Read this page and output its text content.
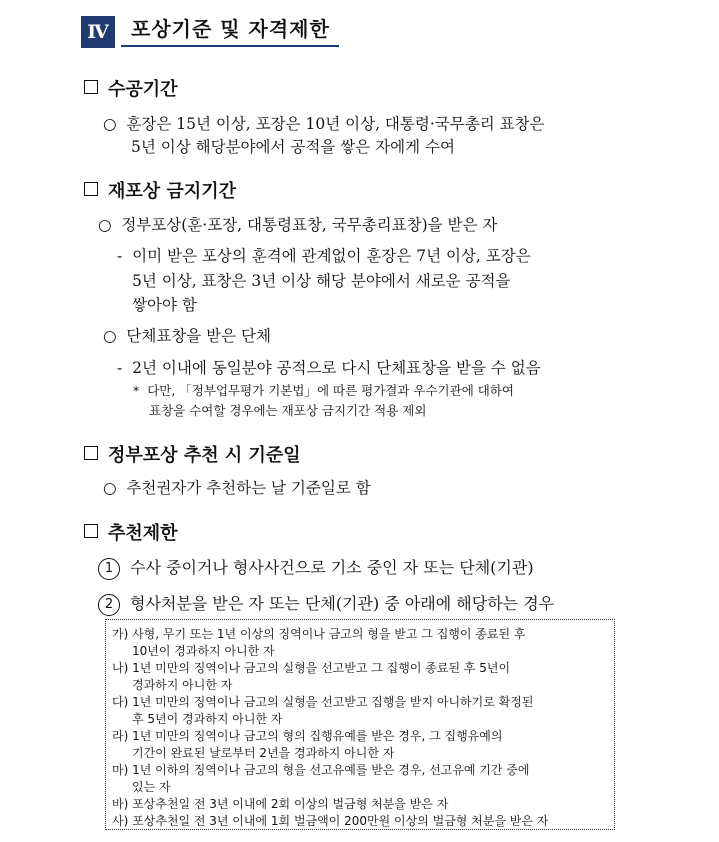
Ⅳ	포상기준 및 자격제한
수공기간
○ 훈장은 15년 이상, 포장은 10년 이상, 대통령·국무총리 표창은
5년 이상 해당분야에서 공적을 쌓은 자에게 수여
재포상 금지기간
○ 정부포상(훈·포장, 대통령표창, 국무총리표창)을 받은 자
- 이미 받은 포상의 훈격에 관계없이 훈장은 7년 이상, 포장은
5년 이상, 표창은 3년 이상 해당 분야에서 새로운 공적을
쌓아야 함
○ 단체표창을 받은 단체
- 2년 이내에 동일분야 공적으로 다시 단체표창을 받을 수 없음
* 다만, 「정부업무평가 기본법」에 따른 평가결과 우수기관에 대하여
표창을 수여할 경우에는 재포상 금지기간 적용 제외
정부포상 추천 시 기준일
○ 추천권자가 추천하는 날 기준일로 함
추천제한
1 수사 중이거나 형사사건으로 기소 중인 자 또는 단체(기관)
2 형사처분을 받은 자 또는 단체(기관) 중 아래에 해당하는 경우
가) 사형, 무기 또는 1년 이상의 징역이나 금고의 형을 받고 그 집행이 종료된 후
10년이 경과하지 아니한 자
나) 1년 미만의 징역이나 금고의 실형을 선고받고 그 집행이 종료된 후 5년이
경과하지 아니한 자
다) 1년 미만의 징역이나 금고의 실형을 선고받고 집행을 받지 아니하기로 확정된
후 5년이 경과하지 아니한 자
라) 1년 미만의 징역이나 금고의 형의 집행유예를 받은 경우, 그 집행유예의
기간이 완료된 날로부터 2년을 경과하지 아니한 자
마) 1년 이하의 징역이나 금고의 형을 선고유예를 받은 경우, 선고유예 기간 중에
있는 자
바) 포상추천일 전 3년 이내에 2회 이상의 벌금형 처분을 받은 자
사) 포상추천일 전 3년 이내에 1회 벌금액이 200만원 이상의 벌금형 처분을 받은 자
